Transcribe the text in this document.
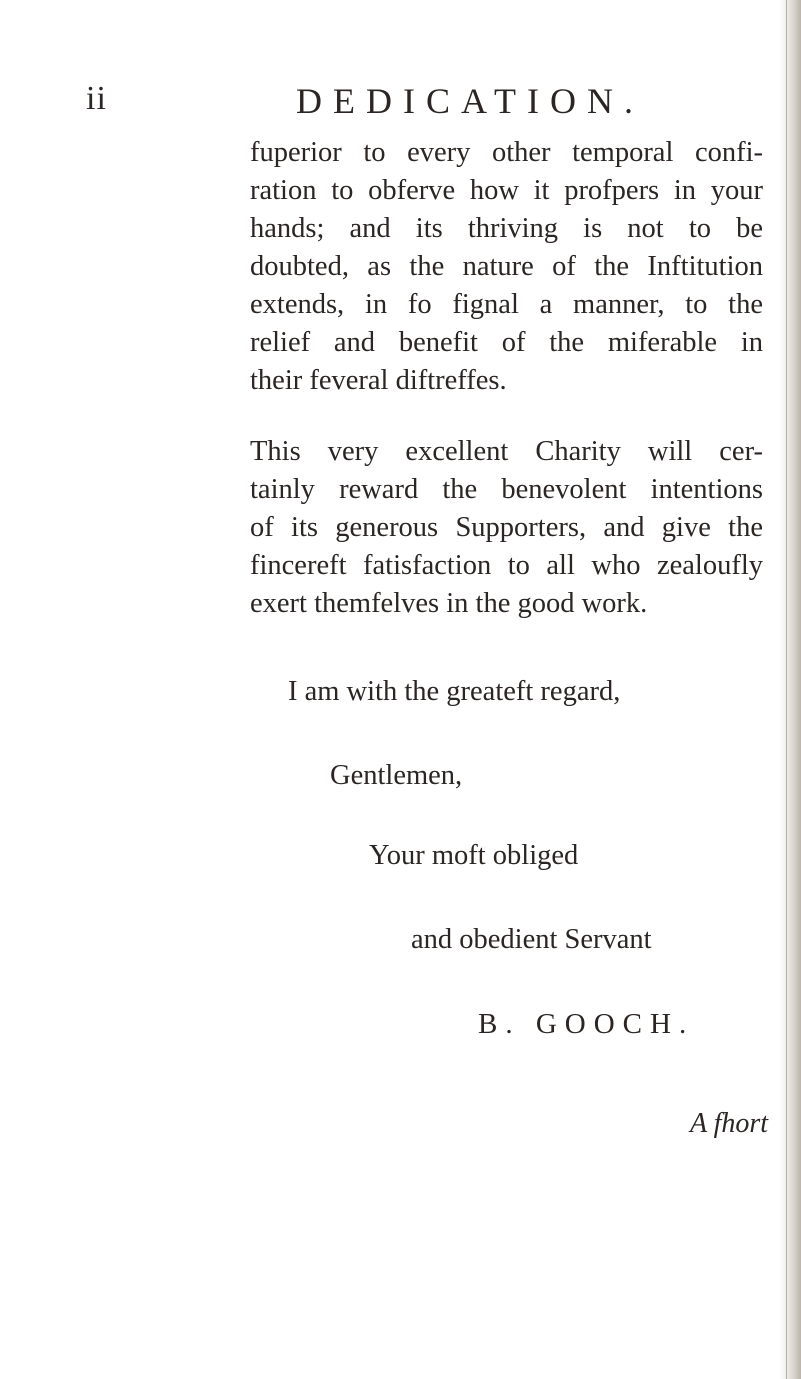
ii	DEDICATION.
fuperior to every other temporal confi-
ration to obferve how it profpers in your
hands; and its thriving is not to be
doubted, as the nature of the Inftitution
extends, in fo fignal a manner, to the
relief and benefit of the miferable in
their feveral diftreffes.
This very excellent Charity will cer-
tainly reward the benevolent intentions
of its generous Supporters, and give the
fincereft fatisfaction to all who zealoufly
exert themfelves in the good work.
I am with the greateft regard,
Gentlemen,
Your moft obliged
and obedient Servant
B. GOOCH.
A fhort
